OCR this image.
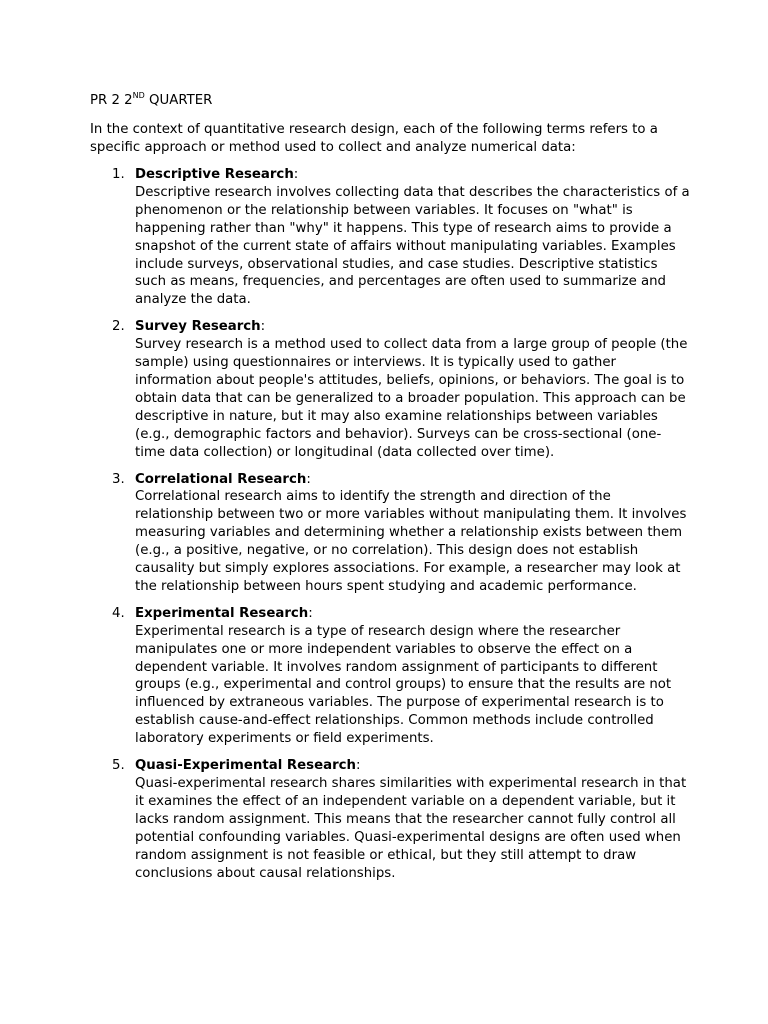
PR 2 2ND QUARTER

In the context of quantitative research design, each of the following terms refers to a specific approach or method used to collect and analyze numerical data:

1. Descriptive Research:
Descriptive research involves collecting data that describes the characteristics of a phenomenon or the relationship between variables. It focuses on "what" is happening rather than "why" it happens. This type of research aims to provide a snapshot of the current state of affairs without manipulating variables. Examples include surveys, observational studies, and case studies. Descriptive statistics such as means, frequencies, and percentages are often used to summarize and analyze the data.
2. Survey Research:
Survey research is a method used to collect data from a large group of people (the sample) using questionnaires or interviews. It is typically used to gather information about people's attitudes, beliefs, opinions, or behaviors. The goal is to obtain data that can be generalized to a broader population. This approach can be descriptive in nature, but it may also examine relationships between variables (e.g., demographic factors and behavior). Surveys can be cross-sectional (one-time data collection) or longitudinal (data collected over time).
3. Correlational Research:
Correlational research aims to identify the strength and direction of the relationship between two or more variables without manipulating them. It involves measuring variables and determining whether a relationship exists between them (e.g., a positive, negative, or no correlation). This design does not establish causality but simply explores associations. For example, a researcher may look at the relationship between hours spent studying and academic performance.
4. Experimental Research:
Experimental research is a type of research design where the researcher manipulates one or more independent variables to observe the effect on a dependent variable. It involves random assignment of participants to different groups (e.g., experimental and control groups) to ensure that the results are not influenced by extraneous variables. The purpose of experimental research is to establish cause-and-effect relationships. Common methods include controlled laboratory experiments or field experiments.
5. Quasi-Experimental Research:
Quasi-experimental research shares similarities with experimental research in that it examines the effect of an independent variable on a dependent variable, but it lacks random assignment. This means that the researcher cannot fully control all potential confounding variables. Quasi-experimental designs are often used when random assignment is not feasible or ethical, but they still attempt to draw conclusions about causal relationships.
